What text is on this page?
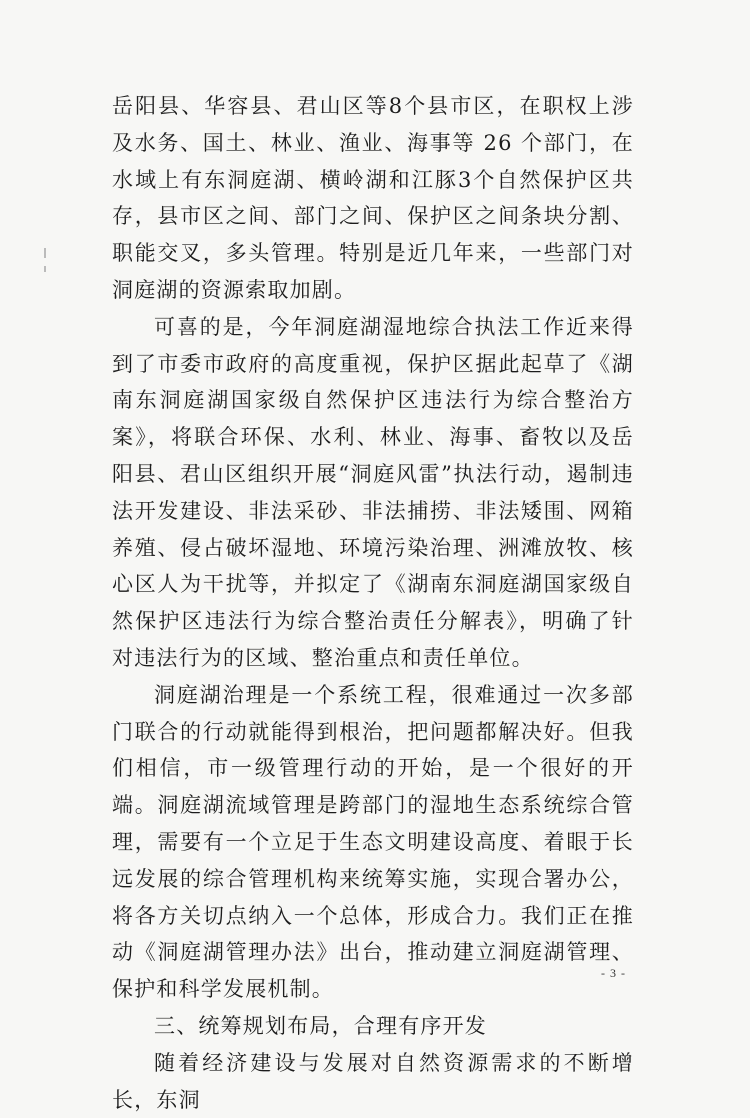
岳阳县、华容县、君山区等8个县市区，在职权上涉及水务、国土、林业、渔业、海事等 26 个部门，在水域上有东洞庭湖、横岭湖和江豚3个自然保护区共存，县市区之间、部门之间、保护区之间条块分割、职能交叉，多头管理。特别是近几年来，一些部门对洞庭湖的资源索取加剧。

可喜的是，今年洞庭湖湿地综合执法工作近来得到了市委市政府的高度重视，保护区据此起草了《湖南东洞庭湖国家级自然保护区违法行为综合整治方案》，将联合环保、水利、林业、海事、畜牧以及岳阳县、君山区组织开展“洞庭风雷”执法行动，遏制违法开发建设、非法采砂、非法捕捞、非法矮围、网箱养殖、侵占破坏湿地、环境污染治理、洲滩放牧、核心区人为干扰等，并拟定了《湖南东洞庭湖国家级自然保护区违法行为综合整治责任分解表》，明确了针对违法行为的区域、整治重点和责任单位。

洞庭湖治理是一个系统工程，很难通过一次多部门联合的行动就能得到根治，把问题都解决好。但我们相信，市一级管理行动的开始，是一个很好的开端。洞庭湖流域管理是跨部门的湿地生态系统综合管理，需要有一个立足于生态文明建设高度、着眼于长远发展的综合管理机构来统筹实施，实现合署办公，将各方关切点纳入一个总体，形成合力。我们正在推动《洞庭湖管理办法》出台，推动建立洞庭湖管理、保护和科学发展机制。

三、统筹规划布局，合理有序开发

随着经济建设与发展对自然资源需求的不断增长，东洞

- 3 -
